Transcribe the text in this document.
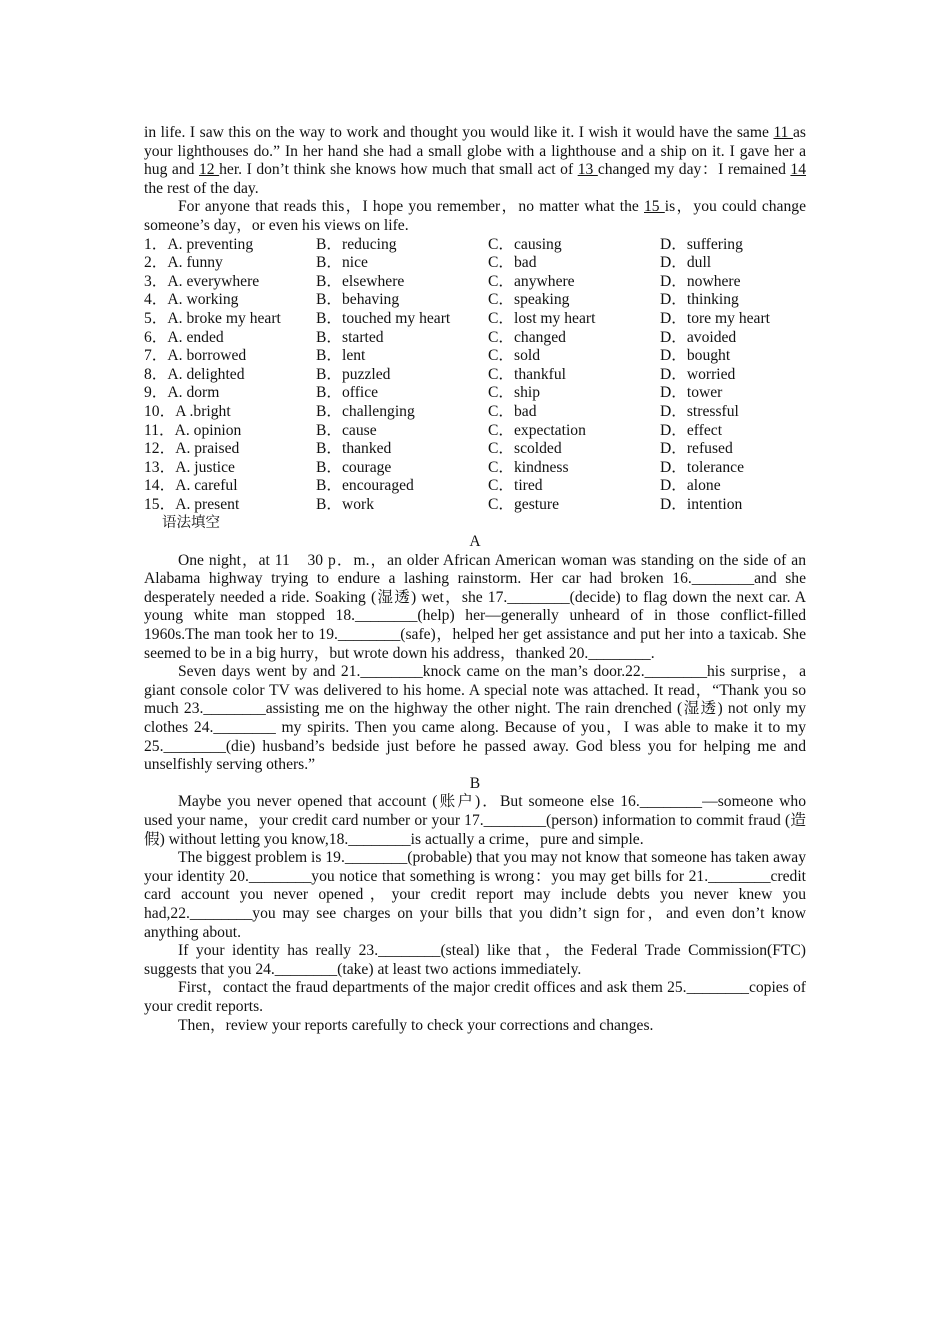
in life. I saw this on the way to work and thought you would like it. I wish it would have the same 11 as your lighthouses do.” In her hand she had a small globe with a lighthouse and a ship on it. I gave her a hug and 12 her. I don’t think she knows how much that small act of 13 changed my day：I remained 14 the rest of the day.

For anyone that reads this，I hope you remember，no matter what the 15 is，you could change someone’s day，or even his views on life.

1．A. preventing	B．reducing	C．causing	D．suffering
2．A. funny	B．nice	C．bad	D．dull
3．A. everywhere	B．elsewhere	C．anywhere	D．nowhere
4．A. working	B．behaving	C．speaking	D．thinking
5．A. broke my heart	B．touched my heart	C．lost my heart	D．tore my heart
6．A. ended	B．started	C．changed	D．avoided
7．A. borrowed	B．lent	C．sold	D．bought
8．A. delighted	B．puzzled	C．thankful	D．worried
9．A. dorm	B．office	C．ship	D．tower
10．A .bright	B．challenging	C．bad	D．stressful
11．A. opinion	B．cause	C．expectation	D．effect
12．A. praised	B．thanked	C．scolded	D．refused
13．A. justice	B．courage	C．kindness	D．tolerance
14．A. careful	B．encouraged	C．tired	D．alone
15．A. present	B．work	C．gesture	D．intention
语法填空
A

One night，at 11　30 p．m.，an older African American woman was standing on the side of an Alabama highway trying to endure a lashing rainstorm. Her car had broken 16.________and she desperately needed a ride. Soaking (湿透) wet，she 17.________(decide) to flag down the next car. A young white man stopped 18.________(help) her—generally unheard of in those conflict-filled 1960s.The man took her to 19.________(safe)，helped her get assistance and put her into a taxicab. She seemed to be in a big hurry，but wrote down his address，thanked 20.________.

Seven days went by and 21.________knock came on the man’s door.22.________his surprise，a giant console color TV was delivered to his home. A special note was attached. It read，“Thank you so much 23.________assisting me on the highway the other night. The rain drenched (湿透) not only my clothes 24.________ my spirits. Then you came along. Because of you，I was able to make it to my 25.________(die) husband’s bedside just before he passed away. God bless you for helping me and unselfishly serving others.”

B

Maybe you never opened that account (账户)．But someone else 16.________—someone who used your name，your credit card number or your 17.________(person) information to commit fraud (造假) without letting you know,18.________is actually a crime，pure and simple.

The biggest problem is 19.________(probable) that you may not know that someone has taken away your identity 20.________you notice that something is wrong：you may get bills for 21.________credit card account you never opened，your credit report may include debts you never knew you had,22.________you may see charges on your bills that you didn’t sign for，and even don’t know anything about.

If your identity has really 23.________(steal) like that，the Federal Trade Commission(FTC) suggests that you 24.________(take) at least two actions immediately.

First，contact the fraud departments of the major credit offices and ask them 25.________copies of your credit reports.

Then，review your reports carefully to check your corrections and changes.
